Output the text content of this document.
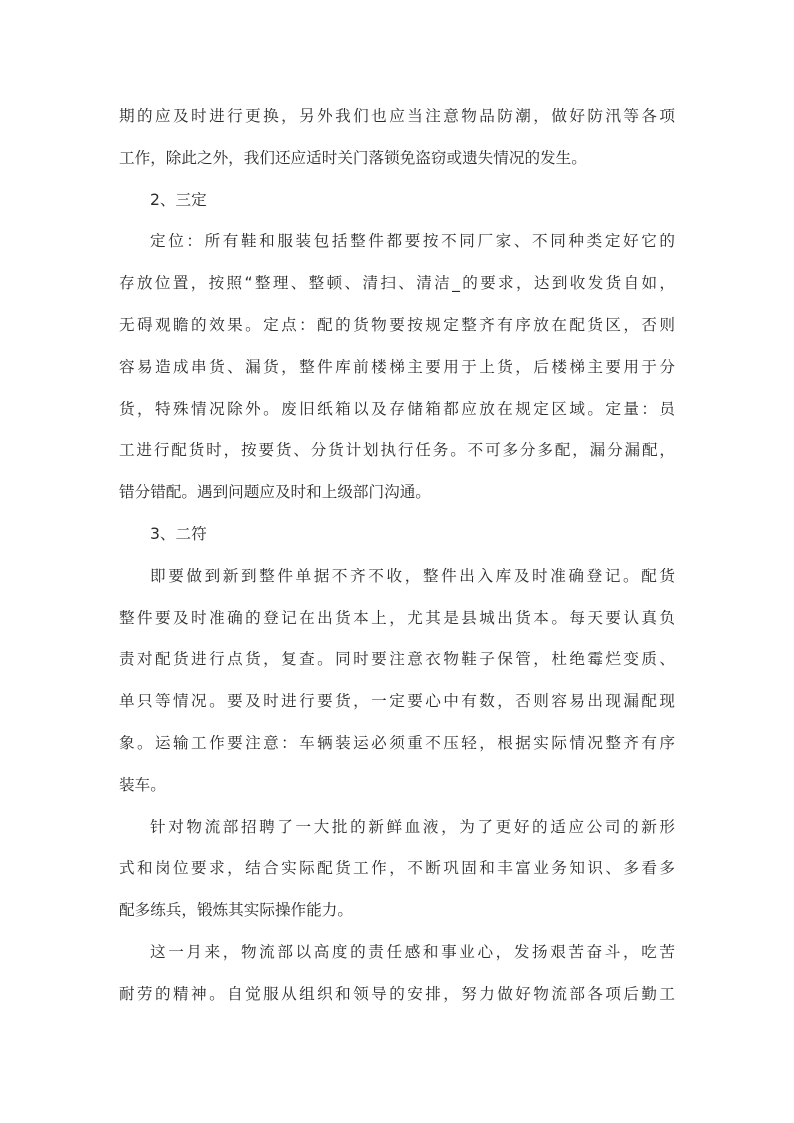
期的应及时进行更换，另外我们也应当注意物品防潮，做好防汛等各项
工作，除此之外，我们还应适时关门落锁免盗窃或遗失情况的发生。
2、三定
定位：所有鞋和服装包括整件都要按不同厂家、不同种类定好它的
存放位置，按照“整理、整顿、清扫、清洁_的要求，达到收发货自如，
无碍观瞻的效果。定点：配的货物要按规定整齐有序放在配货区，否则
容易造成串货、漏货，整件库前楼梯主要用于上货，后楼梯主要用于分
货，特殊情况除外。废旧纸箱以及存储箱都应放在规定区域。定量：员
工进行配货时，按要货、分货计划执行任务。不可多分多配，漏分漏配，
错分错配。遇到问题应及时和上级部门沟通。
3、二符
即要做到新到整件单据不齐不收，整件出入库及时准确登记。配货
整件要及时准确的登记在出货本上，尤其是县城出货本。每天要认真负
责对配货进行点货，复查。同时要注意衣物鞋子保管，杜绝霉烂变质、
单只等情况。要及时进行要货，一定要心中有数，否则容易出现漏配现
象。运输工作要注意：车辆装运必须重不压轻，根据实际情况整齐有序
装车。
针对物流部招聘了一大批的新鲜血液，为了更好的适应公司的新形
式和岗位要求，结合实际配货工作，不断巩固和丰富业务知识、多看多
配多练兵，锻炼其实际操作能力。
这一月来，物流部以高度的责任感和事业心，发扬艰苦奋斗，吃苦
耐劳的精神。自觉服从组织和领导的安排，努力做好物流部各项后勤工
